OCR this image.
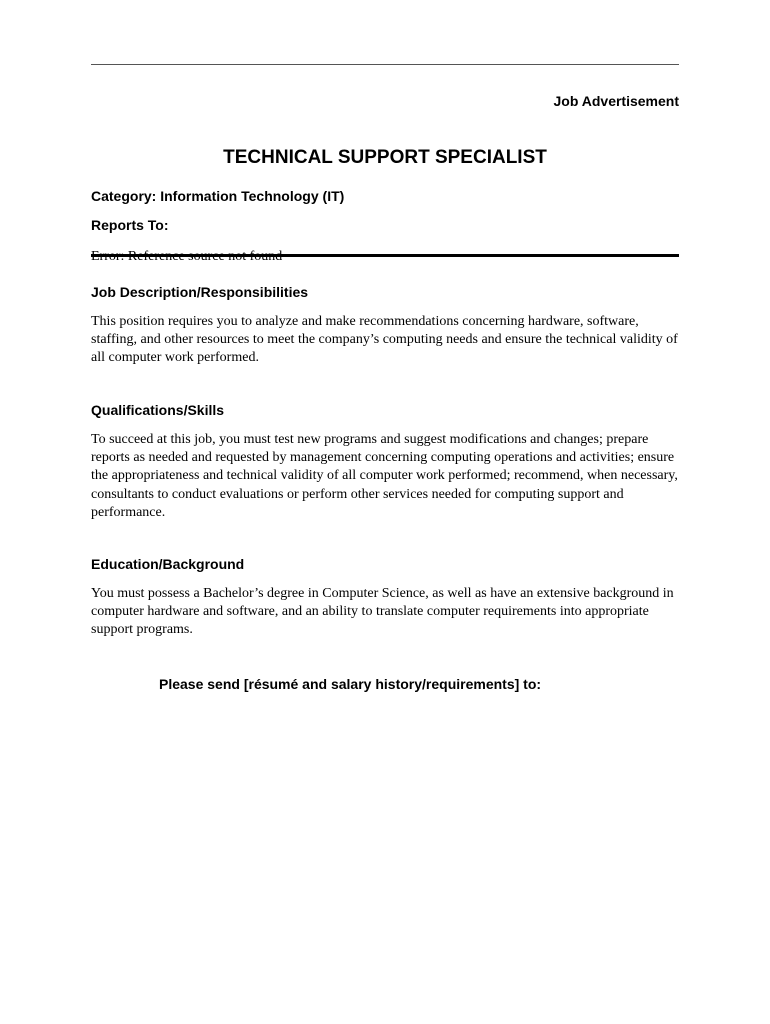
Job Advertisement
TECHNICAL SUPPORT SPECIALIST
Category: Information Technology (IT)
Reports To:
Job Description/Responsibilities

This position requires you to analyze and make recommendations concerning hardware, software, staffing, and other resources to meet the company’s computing needs and ensure the technical validity of all computer work performed.

Qualifications/Skills

To succeed at this job, you must test new programs and suggest modifications and changes; prepare reports as needed and requested by management concerning computing operations and activities; ensure the appropriateness and technical validity of all computer work performed; recommend, when necessary, consultants to conduct evaluations or perform other services needed for computing support and performance.

Education/Background

You must possess a Bachelor’s degree in Computer Science, as well as have an extensive background in computer hardware and software, and an ability to translate computer requirements into appropriate support programs.

Please send [résumé and salary history/requirements] to:
